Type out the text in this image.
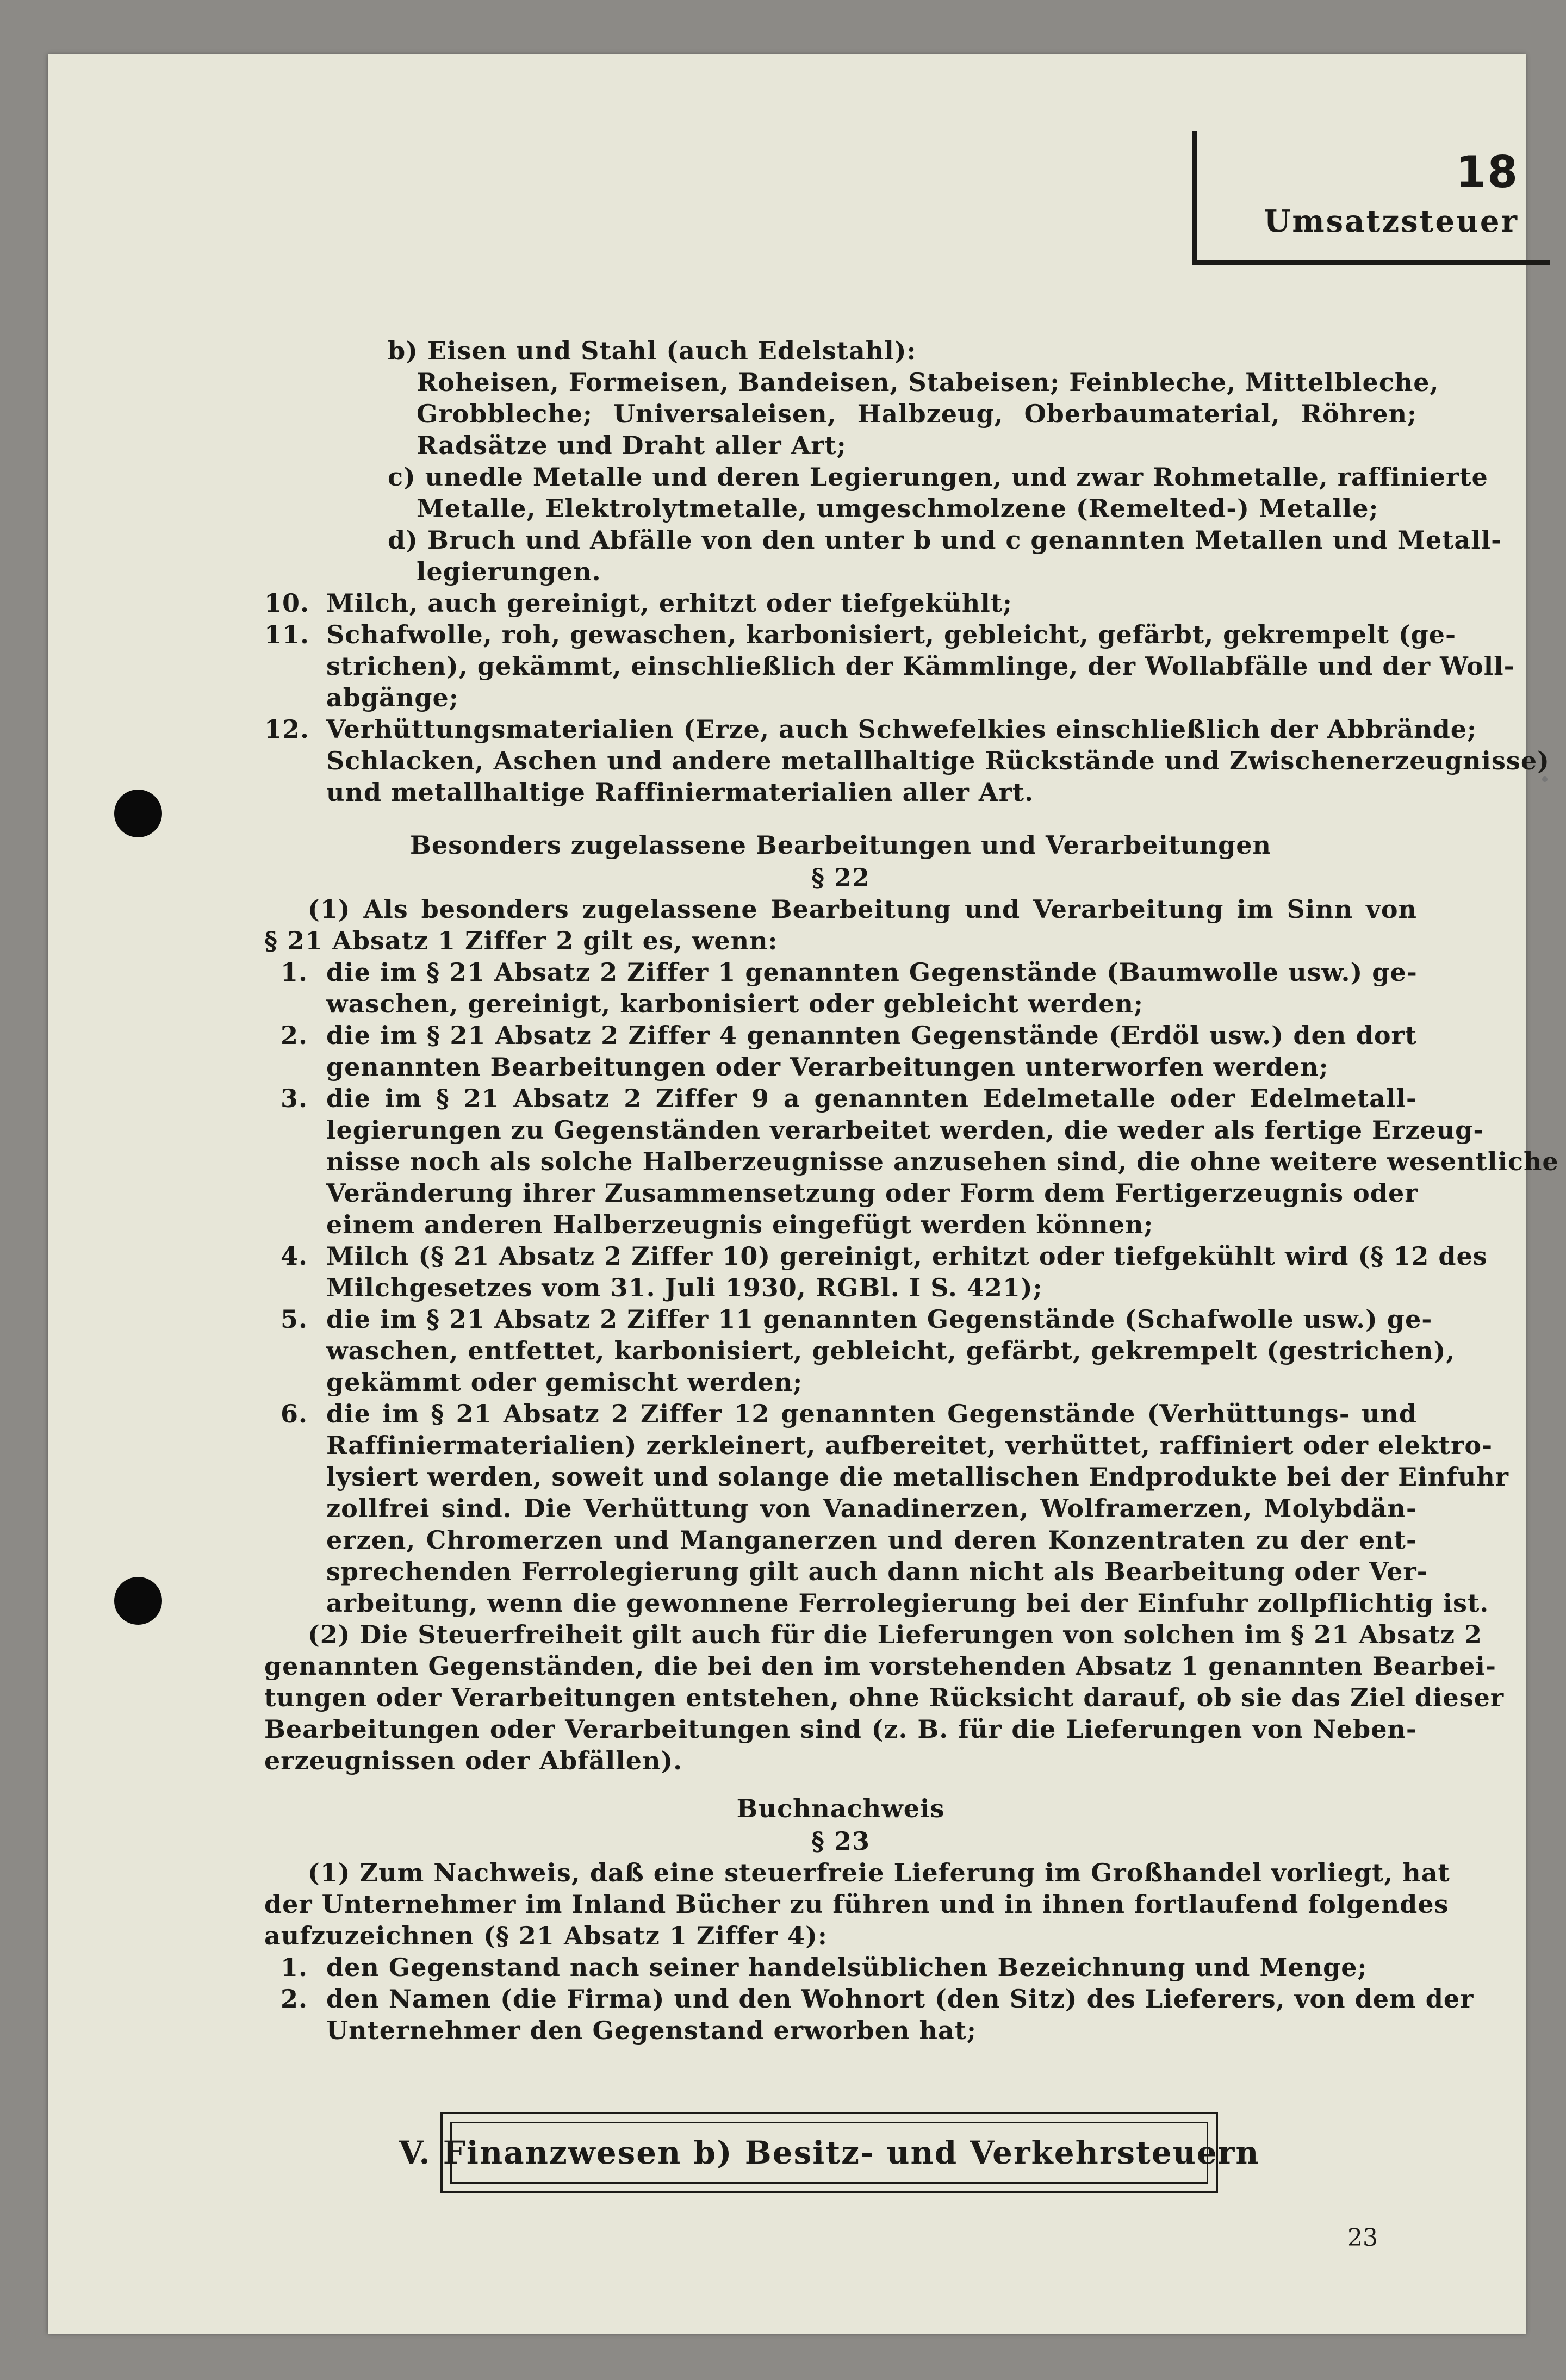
18
Umsatzsteuer
b) Eisen und Stahl (auch Edelstahl):
Roheisen, Formeisen, Bandeisen, Stabeisen; Feinbleche, Mittelbleche,
Grobbleche; Universaleisen, Halbzeug, Oberbaumaterial, Röhren;
Radsätze und Draht aller Art;
c) unedle Metalle und deren Legierungen, und zwar Rohmetalle, raffinierte
Metalle, Elektrolytmetalle, umgeschmolzene (Remelted-) Metalle;
d) Bruch und Abfälle von den unter b und c genannten Metallen und Metall-
legierungen.
10. Milch, auch gereinigt, erhitzt oder tiefgekühlt;
11. Schafwolle, roh, gewaschen, karbonisiert, gebleicht, gefärbt, gekrempelt (ge-
strichen), gekämmt, einschließlich der Kämmlinge, der Wollabfälle und der Woll-
abgänge;
12. Verhüttungsmaterialien (Erze, auch Schwefelkies einschließlich der Abbrände;
Schlacken, Aschen und andere metallhaltige Rückstände und Zwischenerzeugnisse)
und metallhaltige Raffiniermaterialien aller Art.
Besonders zugelassene Bearbeitungen und Verarbeitungen
§ 22
(1) Als besonders zugelassene Bearbeitung und Verarbeitung im Sinn von
§ 21 Absatz 1 Ziffer 2 gilt es, wenn:
1. die im § 21 Absatz 2 Ziffer 1 genannten Gegenstände (Baumwolle usw.) ge-
waschen, gereinigt, karbonisiert oder gebleicht werden;
2. die im § 21 Absatz 2 Ziffer 4 genannten Gegenstände (Erdöl usw.) den dort
genannten Bearbeitungen oder Verarbeitungen unterworfen werden;
3. die im § 21 Absatz 2 Ziffer 9 a genannten Edelmetalle oder Edelmetall-
legierungen zu Gegenständen verarbeitet werden, die weder als fertige Erzeug-
nisse noch als solche Halberzeugnisse anzusehen sind, die ohne weitere wesentliche
Veränderung ihrer Zusammensetzung oder Form dem Fertigerzeugnis oder
einem anderen Halberzeugnis eingefügt werden können;
4. Milch (§ 21 Absatz 2 Ziffer 10) gereinigt, erhitzt oder tiefgekühlt wird (§ 12 des
Milchgesetzes vom 31. Juli 1930, RGBl. I S. 421);
5. die im § 21 Absatz 2 Ziffer 11 genannten Gegenstände (Schafwolle usw.) ge-
waschen, entfettet, karbonisiert, gebleicht, gefärbt, gekrempelt (gestrichen),
gekämmt oder gemischt werden;
6. die im § 21 Absatz 2 Ziffer 12 genannten Gegenstände (Verhüttungs- und
Raffiniermaterialien) zerkleinert, aufbereitet, verhüttet, raffiniert oder elektro-
lysiert werden, soweit und solange die metallischen Endprodukte bei der Einfuhr
zollfrei sind. Die Verhüttung von Vanadinerzen, Wolframerzen, Molybdän-
erzen, Chromerzen und Manganerzen und deren Konzentraten zu der ent-
sprechenden Ferrolegierung gilt auch dann nicht als Bearbeitung oder Ver-
arbeitung, wenn die gewonnene Ferrolegierung bei der Einfuhr zollpflichtig ist.
(2) Die Steuerfreiheit gilt auch für die Lieferungen von solchen im § 21 Absatz 2
genannten Gegenständen, die bei den im vorstehenden Absatz 1 genannten Bearbei-
tungen oder Verarbeitungen entstehen, ohne Rücksicht darauf, ob sie das Ziel dieser
Bearbeitungen oder Verarbeitungen sind (z. B. für die Lieferungen von Neben-
erzeugnissen oder Abfällen).
Buchnachweis
§ 23
(1) Zum Nachweis, daß eine steuerfreie Lieferung im Großhandel vorliegt, hat
der Unternehmer im Inland Bücher zu führen und in ihnen fortlaufend folgendes
aufzuzeichnen (§ 21 Absatz 1 Ziffer 4):
1. den Gegenstand nach seiner handelsüblichen Bezeichnung und Menge;
2. den Namen (die Firma) und den Wohnort (den Sitz) des Lieferers, von dem der
Unternehmer den Gegenstand erworben hat;
V. Finanzwesen b) Besitz- und Verkehrsteuern
23
